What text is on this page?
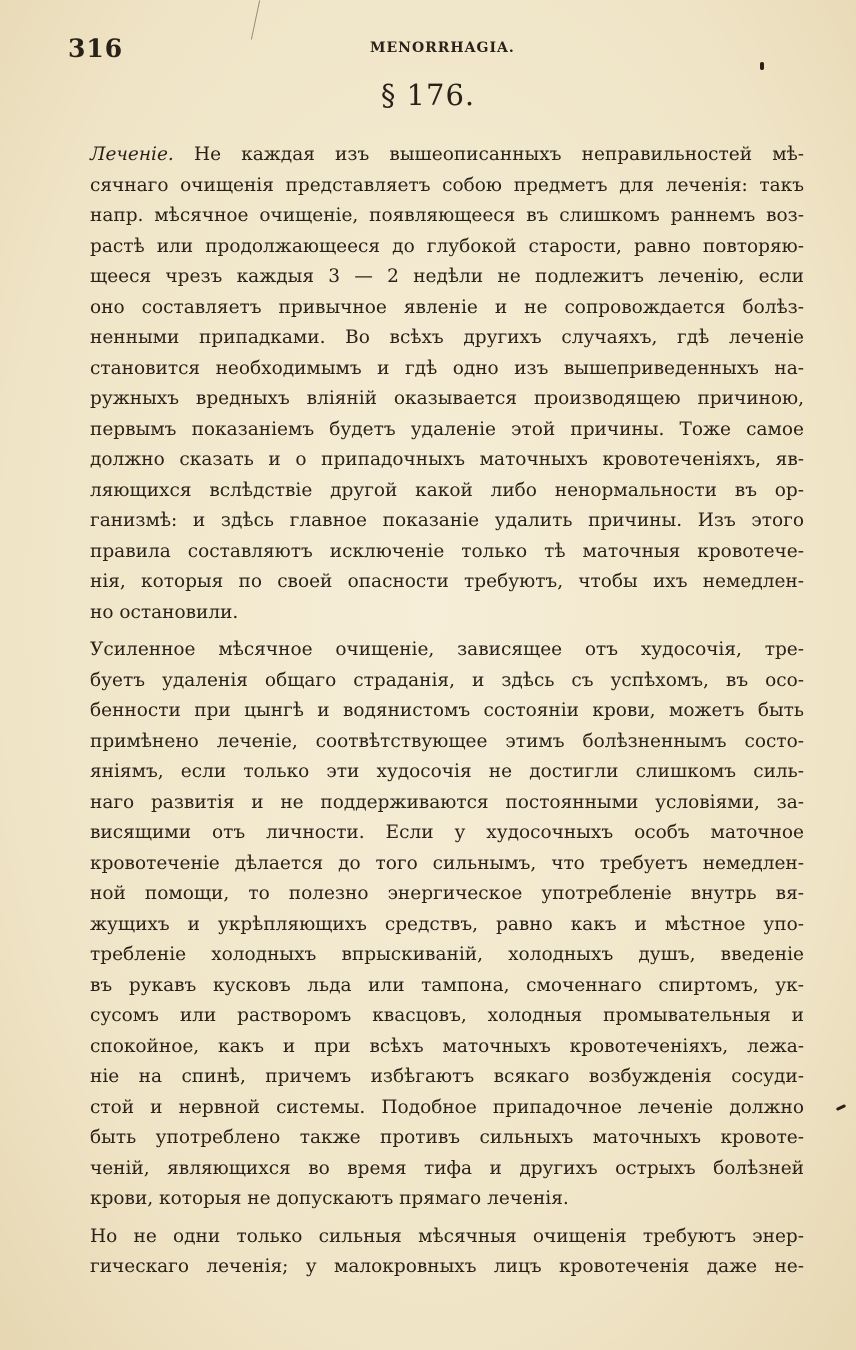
316	MENORRHAGIA.
§ 176.
Леченіе. Не каждая изъ вышеописанныхъ неправильностей мѣ-
сячнаго очищенія представляетъ собою предметъ для леченія: такъ
напр. мѣсячное очищеніе, появляющееся въ слишкомъ раннемъ воз-
растѣ или продолжающееся до глубокой старости, равно повторяю-
щееся чрезъ каждыя 3 — 2 недѣли не подлежитъ леченію, если
оно составляетъ привычное явленіе и не сопровождается болѣз-
ненными припадками. Во всѣхъ другихъ случаяхъ, гдѣ леченіе
становится необходимымъ и гдѣ одно изъ вышеприведенныхъ на-
ружныхъ вредныхъ вліяній оказывается производящею причиною,
первымъ показаніемъ будетъ удаленіе этой причины. Тоже самое
должно сказать и о припадочныхъ маточныхъ кровотеченіяхъ, яв-
ляющихся вслѣдствіе другой какой либо ненормальности въ ор-
ганизмѣ: и здѣсь главное показаніе удалить причины. Изъ этого
правила составляютъ исключеніе только тѣ маточныя кровотече-
нія, которыя по своей опасности требуютъ, чтобы ихъ немедлен-
но остановили.
Усиленное мѣсячное очищеніе, зависящее отъ худосочія, тре-
буетъ удаленія общаго страданія, и здѣсь съ успѣхомъ, въ осо-
бенности при цынгѣ и водянистомъ состояніи крови, можетъ быть
примѣнено леченіе, соотвѣтствующее этимъ болѣзненнымъ состо-
яніямъ, если только эти худосочія не достигли слишкомъ силь-
наго развитія и не поддерживаются постоянными условіями, за-
висящими отъ личности. Если у худосочныхъ особъ маточное
кровотеченіе дѣлается до того сильнымъ, что требуетъ немедлен-
ной помощи, то полезно энергическое употребленіе внутрь вя-
жущихъ и укрѣпляющихъ средствъ, равно какъ и мѣстное упо-
требленіе холодныхъ впрыскиваній, холодныхъ душъ, введеніе
въ рукавъ кусковъ льда или тампона, смоченнаго спиртомъ, ук-
сусомъ или растворомъ квасцовъ, холодныя промывательныя и
спокойное, какъ и при всѣхъ маточныхъ кровотеченіяхъ, лежа-
ніе на спинѣ, причемъ избѣгаютъ всякаго возбужденія сосуди-
стой и нервной системы. Подобное припадочное леченіе должно
быть употреблено также противъ сильныхъ маточныхъ кровоте-
ченій, являющихся во время тифа и другихъ острыхъ болѣзней
крови, которыя не допускаютъ прямаго леченія.
Но не одни только сильныя мѣсячныя очищенія требуютъ энер-
гическаго леченія; у малокровныхъ лицъ кровотеченія даже не-
